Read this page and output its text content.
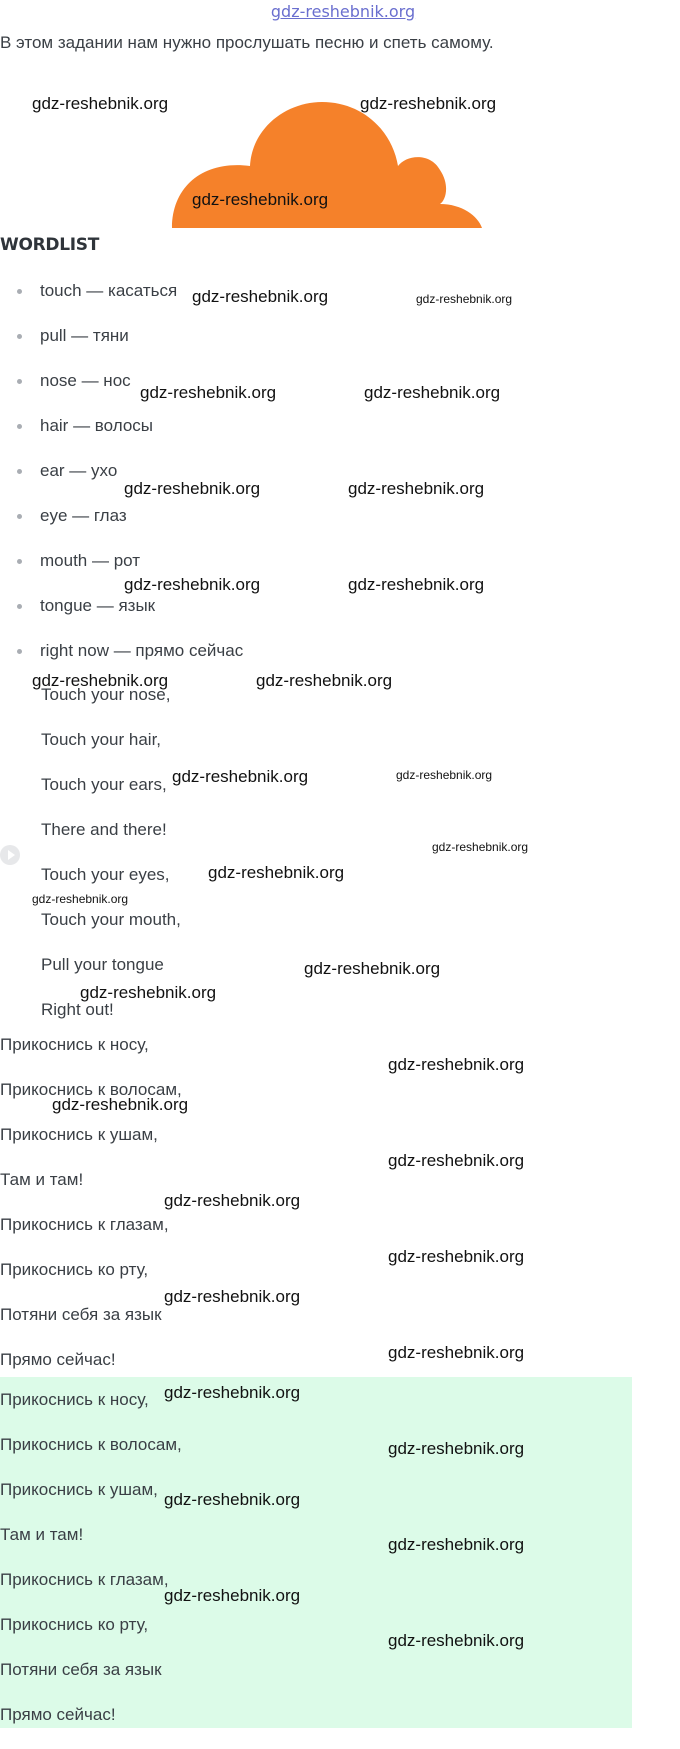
gdz-reshebnik.org
В этом задании нам нужно прослушать песню и спеть самому.
WORDLIST
touch — касаться
pull — тяни
nose — нос
hair — волосы
ear — ухо
eye — глаз
mouth — рот
tongue — язык
right now — прямо сейчас
Touch your nose,
Touch your hair,
Touch your ears,
There and there!
Touch your eyes,
Touch your mouth,
Pull your tongue
Right out!
Прикоснись к носу,
Прикоснись к волосам,
Прикоснись к ушам,
Там и там!
Прикоснись к глазам,
Прикоснись ко рту,
Потяни себя за язык
Прямо сейчас!
Прикоснись к носу,
Прикоснись к волосам,
Прикоснись к ушам,
Там и там!
Прикоснись к глазам,
Прикоснись ко рту,
Потяни себя за язык
Прямо сейчас!
gdz-reshebnik.org	gdz-reshebnik.org
gdz-reshebnik.org
gdz-reshebnik.org	gdz-reshebnik.org
gdz-reshebnik.org	gdz-reshebnik.org
gdz-reshebnik.org	gdz-reshebnik.org
gdz-reshebnik.org	gdz-reshebnik.org
gdz-reshebnik.org	gdz-reshebnik.org
gdz-reshebnik.org	gdz-reshebnik.org
gdz-reshebnik.org
gdz-reshebnik.org
gdz-reshebnik.org
gdz-reshebnik.org
gdz-reshebnik.org
gdz-reshebnik.org
gdz-reshebnik.org
gdz-reshebnik.org
gdz-reshebnik.org
gdz-reshebnik.org
gdz-reshebnik.org
gdz-reshebnik.org
gdz-reshebnik.org
gdz-reshebnik.org
gdz-reshebnik.org
gdz-reshebnik.org
gdz-reshebnik.org
gdz-reshebnik.org
